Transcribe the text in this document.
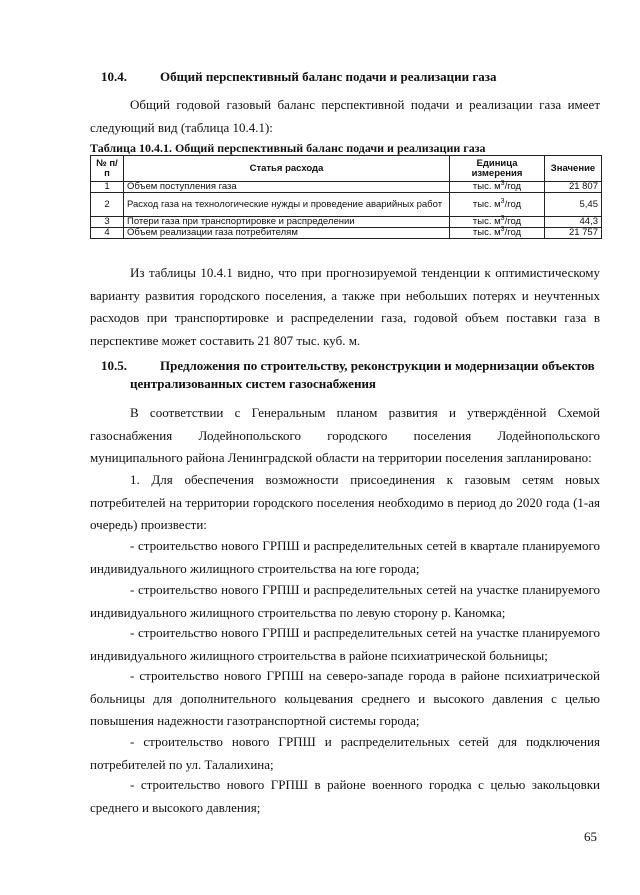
10.4.	Общий перспективный баланс подачи и реализации газа
Общий годовой газовый баланс перспективной подачи и реализации газа имеет следующий вид (таблица 10.4.1):
Таблица 10.4.1. Общий перспективный баланс подачи и реализации газа
№ п/п	Статья расхода	Единица измерения	Значение
1	Объем поступления газа	тыс. $м^3$/год	21 807
2	Расход газа на технологические нужды и проведение аварийных работ	тыс. $м^3$/год	5,45
3	Потери газа при транспортировке и распределении	тыс. $м^3$/год	44,3
4	Объем реализации газа потребителям	тыс. $м^3$/год	21 757
Из таблицы 10.4.1 видно, что при прогнозируемой тенденции к оптимистическому варианту развития городского поселения, а также при небольших потерях и неучтенных расходов при транспортировке и распределении газа, годовой объем поставки газа в перспективе может составить 21 807 тыс. куб. м.
10.5.	Предложения по строительству, реконструкции и модернизации объектов
централизованных систем газоснабжения
В соответствии с Генеральным планом развития и утверждённой Схемой газоснабжения Лодейнопольского городского поселения Лодейнопольского муниципального района Ленинградской области на территории поселения запланировано:
1. Для обеспечения возможности присоединения к газовым сетям новых потребителей на территории городского поселения необходимо в период до 2020 года (1-ая очередь) произвести:
- строительство нового ГРПШ и распределительных сетей в квартале планируемого индивидуального жилищного строительства на юге города;
- строительство нового ГРПШ и распределительных сетей на участке планируемого индивидуального жилищного строительства по левую сторону р. Каномка;
- строительство нового ГРПШ и распределительных сетей на участке планируемого индивидуального жилищного строительства в районе психиатрической больницы;
- строительство нового ГРПШ на северо-западе города в районе психиатрической больницы для дополнительного кольцевания среднего и высокого давления с целью повышения надежности газотранспортной системы города;
- строительство нового ГРПШ и распределительных сетей для подключения потребителей по ул. Талалихина;
- строительство нового ГРПШ в районе военного городка с целью закольцовки среднего и высокого давления;
65
